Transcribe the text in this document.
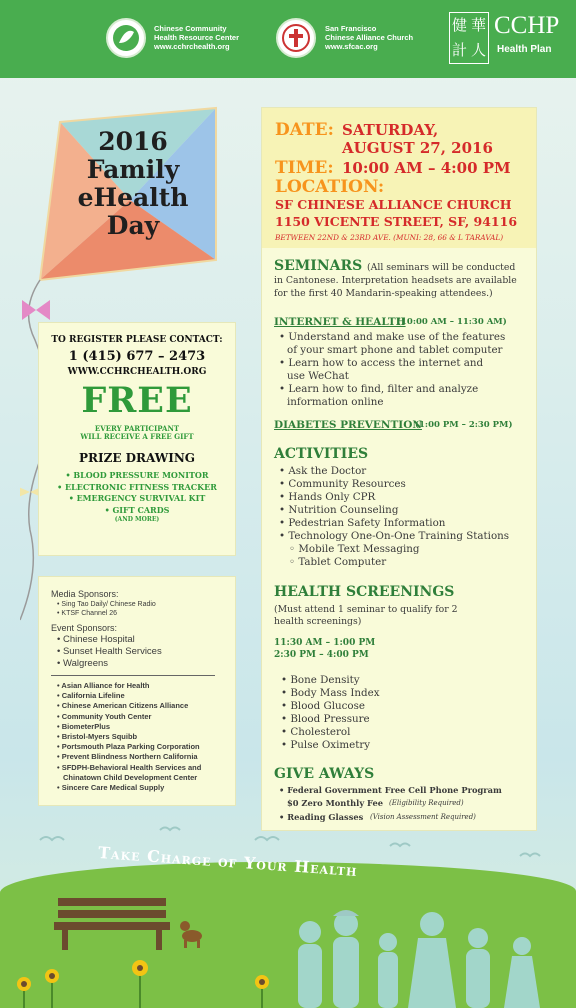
Chinese Community
Health Resource Center
www.cchrchealth.org
San Francisco
Chinese Alliance Church
www.sfcac.org
健 華
計 人
CCHP
Health Plan
2016
Family
eHealth
Day
TO REGISTER PLEASE CONTACT:
1 (415) 677 – 2473
WWW.CCHRCHEALTH.ORG
FREE
EVERY PARTICIPANT
WILL RECEIVE A FREE GIFT
PRIZE DRAWING
• BLOOD PRESSURE MONITOR
• ELECTRONIC FITNESS TRACKER
• EMERGENCY SURVIVAL KIT
• GIFT CARDS
(AND MORE)
Media Sponsors:
• Sing Tao Daily/ Chinese Radio
• KTSF Channel 26
Event Sponsors:
• Chinese Hospital
• Sunset Health Services
• Walgreens
• Asian Alliance for Health
• California Lifeline
• Chinese American Citizens Alliance
• Community Youth Center
• BiometerPlus
• Bristol-Myers Squibb
• Portsmouth Plaza Parking Corporation
• Prevent Blindness Northern California
• SFDPH-Behavioral Health Services and
Chinatown Child Development Center
• Sincere Care Medical Supply
DATE: SATURDAY,
AUGUST 27, 2016
TIME: 10:00 AM – 4:00 PM
LOCATION:
SF CHINESE ALLIANCE CHURCH
1150 VICENTE STREET, SF, 94116
BETWEEN 22ND & 23RD AVE. (MUNI: 28, 66 & L TARAVAL)
SEMINARS (All seminars will be conducted
in Cantonese. Interpretation headsets are available
for the first 40 Mandarin-speaking attendees.)
INTERNET & HEALTH
(10:00 AM – 11:30 AM)
• Understand and make use of the features
of your smart phone and tablet computer
• Learn how to access the internet and
use WeChat
• Learn how to find, filter and analyze
information online
DIABETES PREVENTION
(1:00 PM – 2:30 PM)
ACTIVITIES
• Ask the Doctor
• Community Resources
• Hands Only CPR
• Nutrition Counseling
• Pedestrian Safety Information
• Technology One-On-One Training Stations
◦ Mobile Text Messaging
◦ Tablet Computer
HEALTH SCREENINGS
(Must attend 1 seminar to qualify for 2
health screenings)
11:30 AM – 1:00 PM
2:30 PM – 4:00 PM
• Bone Density
• Body Mass Index
• Blood Glucose
• Blood Pressure
• Cholesterol
• Pulse Oximetry
GIVE AWAYS
• Federal Government Free Cell Phone Program
$0 Zero Monthly Fee (Eligibility Required)
• Reading Glasses (Vision Assessment Required)
Take Charge of Your Health
